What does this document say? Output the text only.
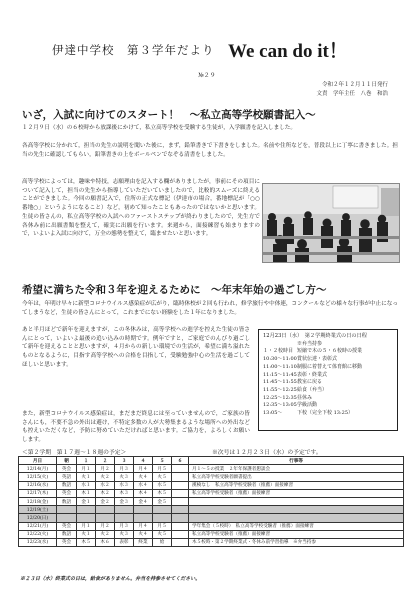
伊達中学校　第３学年だより We can do it！
№２９
令和２年１２月１１日発行
文責　学年主任　八巻　和浩
いざ，入試に向けてのスタート！　～私立高等学校願書記入～

１２月９日（水）の６校時から放課後にかけて，私立高等学校を受験する生徒が，入学願書を記入しました。

各高等学校に分かれて，担当の先生の説明を聞いた後に，まず，鉛筆書きで下書きをしました。名前や住所などを，普段以上に丁寧に書きました。担当の先生に確認してもらい，鉛筆書きの上をボールペンでなぞる清書をしました。

高等学校によっては，趣味や特技，志願理由を記入する欄がありましたが，事前にその項目について記入して，担当の先生から指導していただいていましたので，比較的スムーズに終えることができました。今回の願書記入で，住所の正式な標記（伊達市の場合，番地標記が「○○番地○」というようになること）など，初めて知ったこともあったのではないかと思います。生徒の皆さんの，私立高等学校の入試へのファーストステップが終わりましたので，先生方で各休み前に出願書類を整えて，確実に出願を行います。来週から，面接練習も始まりますので，いよいよ入試に向けて，万全の態勢を整えて，臨ませたいと思います。

希望に満ちた令和３年を迎えるために　～年末年始の過ごし方～

今年は，年明け早々に新型コロナウイルス感染症が広がり，臨時休校が２回も行われ，修学旅行や中体連，コンクールなどの様々な行事が中止になってしまうなど，生徒の皆さんにとって，これまでにない経験をした１年になりました。

あと半月ほどで新年を迎えますが，この冬休みは，高等学校への進学を控えた生徒の皆さんにとって，いよいよ最後の追い込みの時期です。例年ですと，ご家庭でのんびり過ごして新年を迎えることと思いますが，４月からの新しい環境での生活が，希望に満ち溢れたものとなるように，目指す高等学校への合格を目指して，受験勉強中心の生活を過ごしてほしいと思います。

また，新型コロナウイルス感染症は，まだまだ終息には至っていませんので，ご家族の皆さんにも，不要不急の外出は避け，不特定多数の人が大勢集まるような場所への外出なども控えいただくなど，予防に努めていただければと思います。ご協力を，よろしくお願いします。

12月23日（水）　第２学期終業式の日の日程
※弁当持参
１・２校時目 短縮で木の５・６校時の授業
10:30～11:00賞状伝達・表彰式
11:00～11:10制服に着替えて体育館に移動
11:15～11:45表彰・終業式
11:45～11:55教室に戻る
11:55～12:25給食（弁当）
12:25～12:35昼休み
12:35～13:05学級活動
13:05～	下校（完全下校 13:25）
＜第２学期　第１７週～１８週の予定＞	※次号は１２月２３日（水）の予定です。
月日	朝	１	２	３	４	５	６	行事等
12/14(月)	英会	月１	月２	月３	月４	月５		月１～５の授業　２年年保護者懇談会
12/15(火)	英語	火１	火２	火３	火４	火５		私立高等学校受験者願書提出
12/16(水)	数語	水１	水２	水３	水４	水５		漢検なし　私立高等学校受験者（推薦）面接練習
12/17(木)	英会	木１	木２	木３	木４	木５		私立高等学校受験者（推薦）面接練習
12/18(金)	数語	金１	金２	金３	金４	金５		
12/19(土)								
12/20(日)								
12/21(月)	英会	月１	月２	月３	月４	月５		学年集会（５校時）　私立高等学校受験者（推薦）面接練習
12/22(火)	数語	火１	火２	火３	火４	火５		私立高等学校受験者（推薦）面接練習
12/23(水)	英会	木５	木６	表彰	終業	給		木５校時・第２学期終業式・冬休み前学習指導　※弁当持参
※２３日（水）終業式の日は，給食がありません。弁当を持参させてください。
